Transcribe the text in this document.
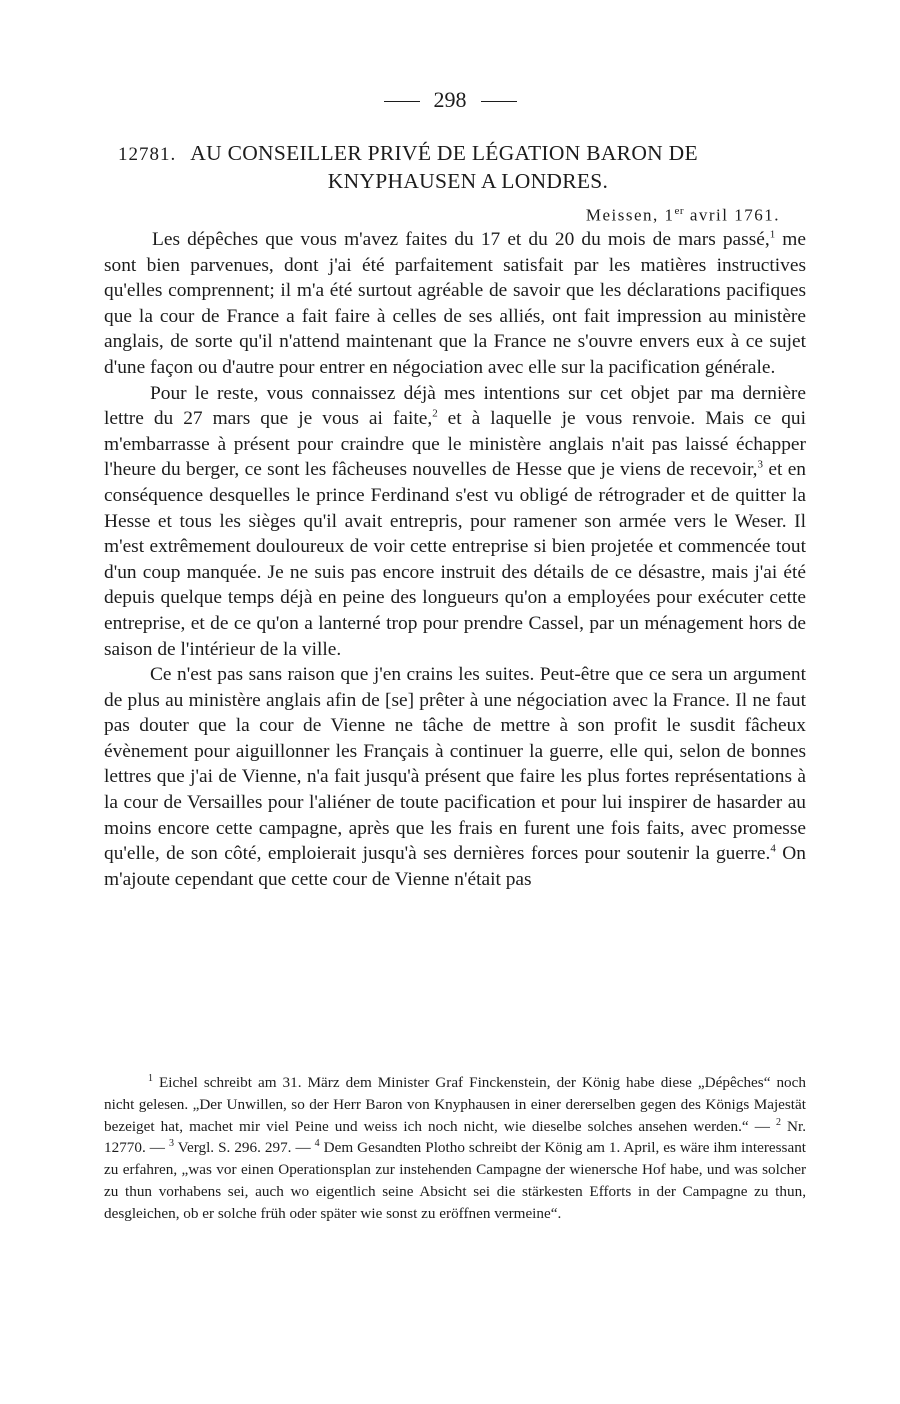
298
12781. AU CONSEILLER PRIVÉ DE LÉGATION BARON DE
KNYPHAUSEN A LONDRES.
Meissen, 1er avril 1761.

Les dépêches que vous m'avez faites du 17 et du 20 du mois de mars passé,$^1$ me sont bien parvenues, dont j'ai été parfaitement satisfait par les matières instructives qu'elles comprennent; il m'a été surtout agréable de savoir que les déclarations pacifiques que la cour de France a fait faire à celles de ses alliés, ont fait impression au ministère anglais, de sorte qu'il n'attend maintenant que la France ne s'ouvre envers eux à ce sujet d'une façon ou d'autre pour entrer en négociation avec elle sur la pacification générale.

Pour le reste, vous connaissez déjà mes intentions sur cet objet par ma dernière lettre du 27 mars que je vous ai faite,$^2$ et à laquelle je vous renvoie. Mais ce qui m'embarrasse à présent pour craindre que le ministère anglais n'ait pas laissé échapper l'heure du berger, ce sont les fâcheuses nouvelles de Hesse que je viens de recevoir,$^3$ et en conséquence desquelles le prince Ferdinand s'est vu obligé de rétrograder et de quitter la Hesse et tous les sièges qu'il avait entrepris, pour ramener son armée vers le Weser. Il m'est extrêmement douloureux de voir cette entreprise si bien projetée et commencée tout d'un coup manquée. Je ne suis pas encore instruit des détails de ce désastre, mais j'ai été depuis quelque temps déjà en peine des longueurs qu'on a employées pour exécuter cette entreprise, et de ce qu'on a lanterné trop pour prendre Cassel, par un ménagement hors de saison de l'intérieur de la ville.

Ce n'est pas sans raison que j'en crains les suites. Peut-être que ce sera un argument de plus au ministère anglais afin de [se] prêter à une négociation avec la France. Il ne faut pas douter que la cour de Vienne ne tâche de mettre à son profit le susdit fâcheux évènement pour aiguillonner les Français à continuer la guerre, elle qui, selon de bonnes lettres que j'ai de Vienne, n'a fait jusqu'à présent que faire les plus fortes représentations à la cour de Versailles pour l'aliéner de toute pacification et pour lui inspirer de hasarder au moins encore cette campagne, après que les frais en furent une fois faits, avec promesse qu'elle, de son côté, emploierait jusqu'à ses dernières forces pour soutenir la guerre.$^4$ On m'ajoute cependant que cette cour de Vienne n'était pas

$^1$ Eichel schreibt am 31. März dem Minister Graf Finckenstein, der König habe diese „Dépêches“ noch nicht gelesen. „Der Unwillen, so der Herr Baron von Knyphausen in einer dererselben gegen des Königs Majestät bezeiget hat, machet mir viel Peine und weiss ich noch nicht, wie dieselbe solches ansehen werden.“ — $^2$ Nr. 12770. — $^3$ Vergl. S. 296. 297. — $^4$ Dem Gesandten Plotho schreibt der König am 1. April, es wäre ihm interessant zu erfahren, „was vor einen Operationsplan zur instehenden Campagne der wienersche Hof habe, und was solcher zu thun vorhabens sei, auch wo eigentlich seine Absicht sei die stärkesten Efforts in der Campagne zu thun, desgleichen, ob er solche früh oder später wie sonst zu eröffnen vermeine“.
